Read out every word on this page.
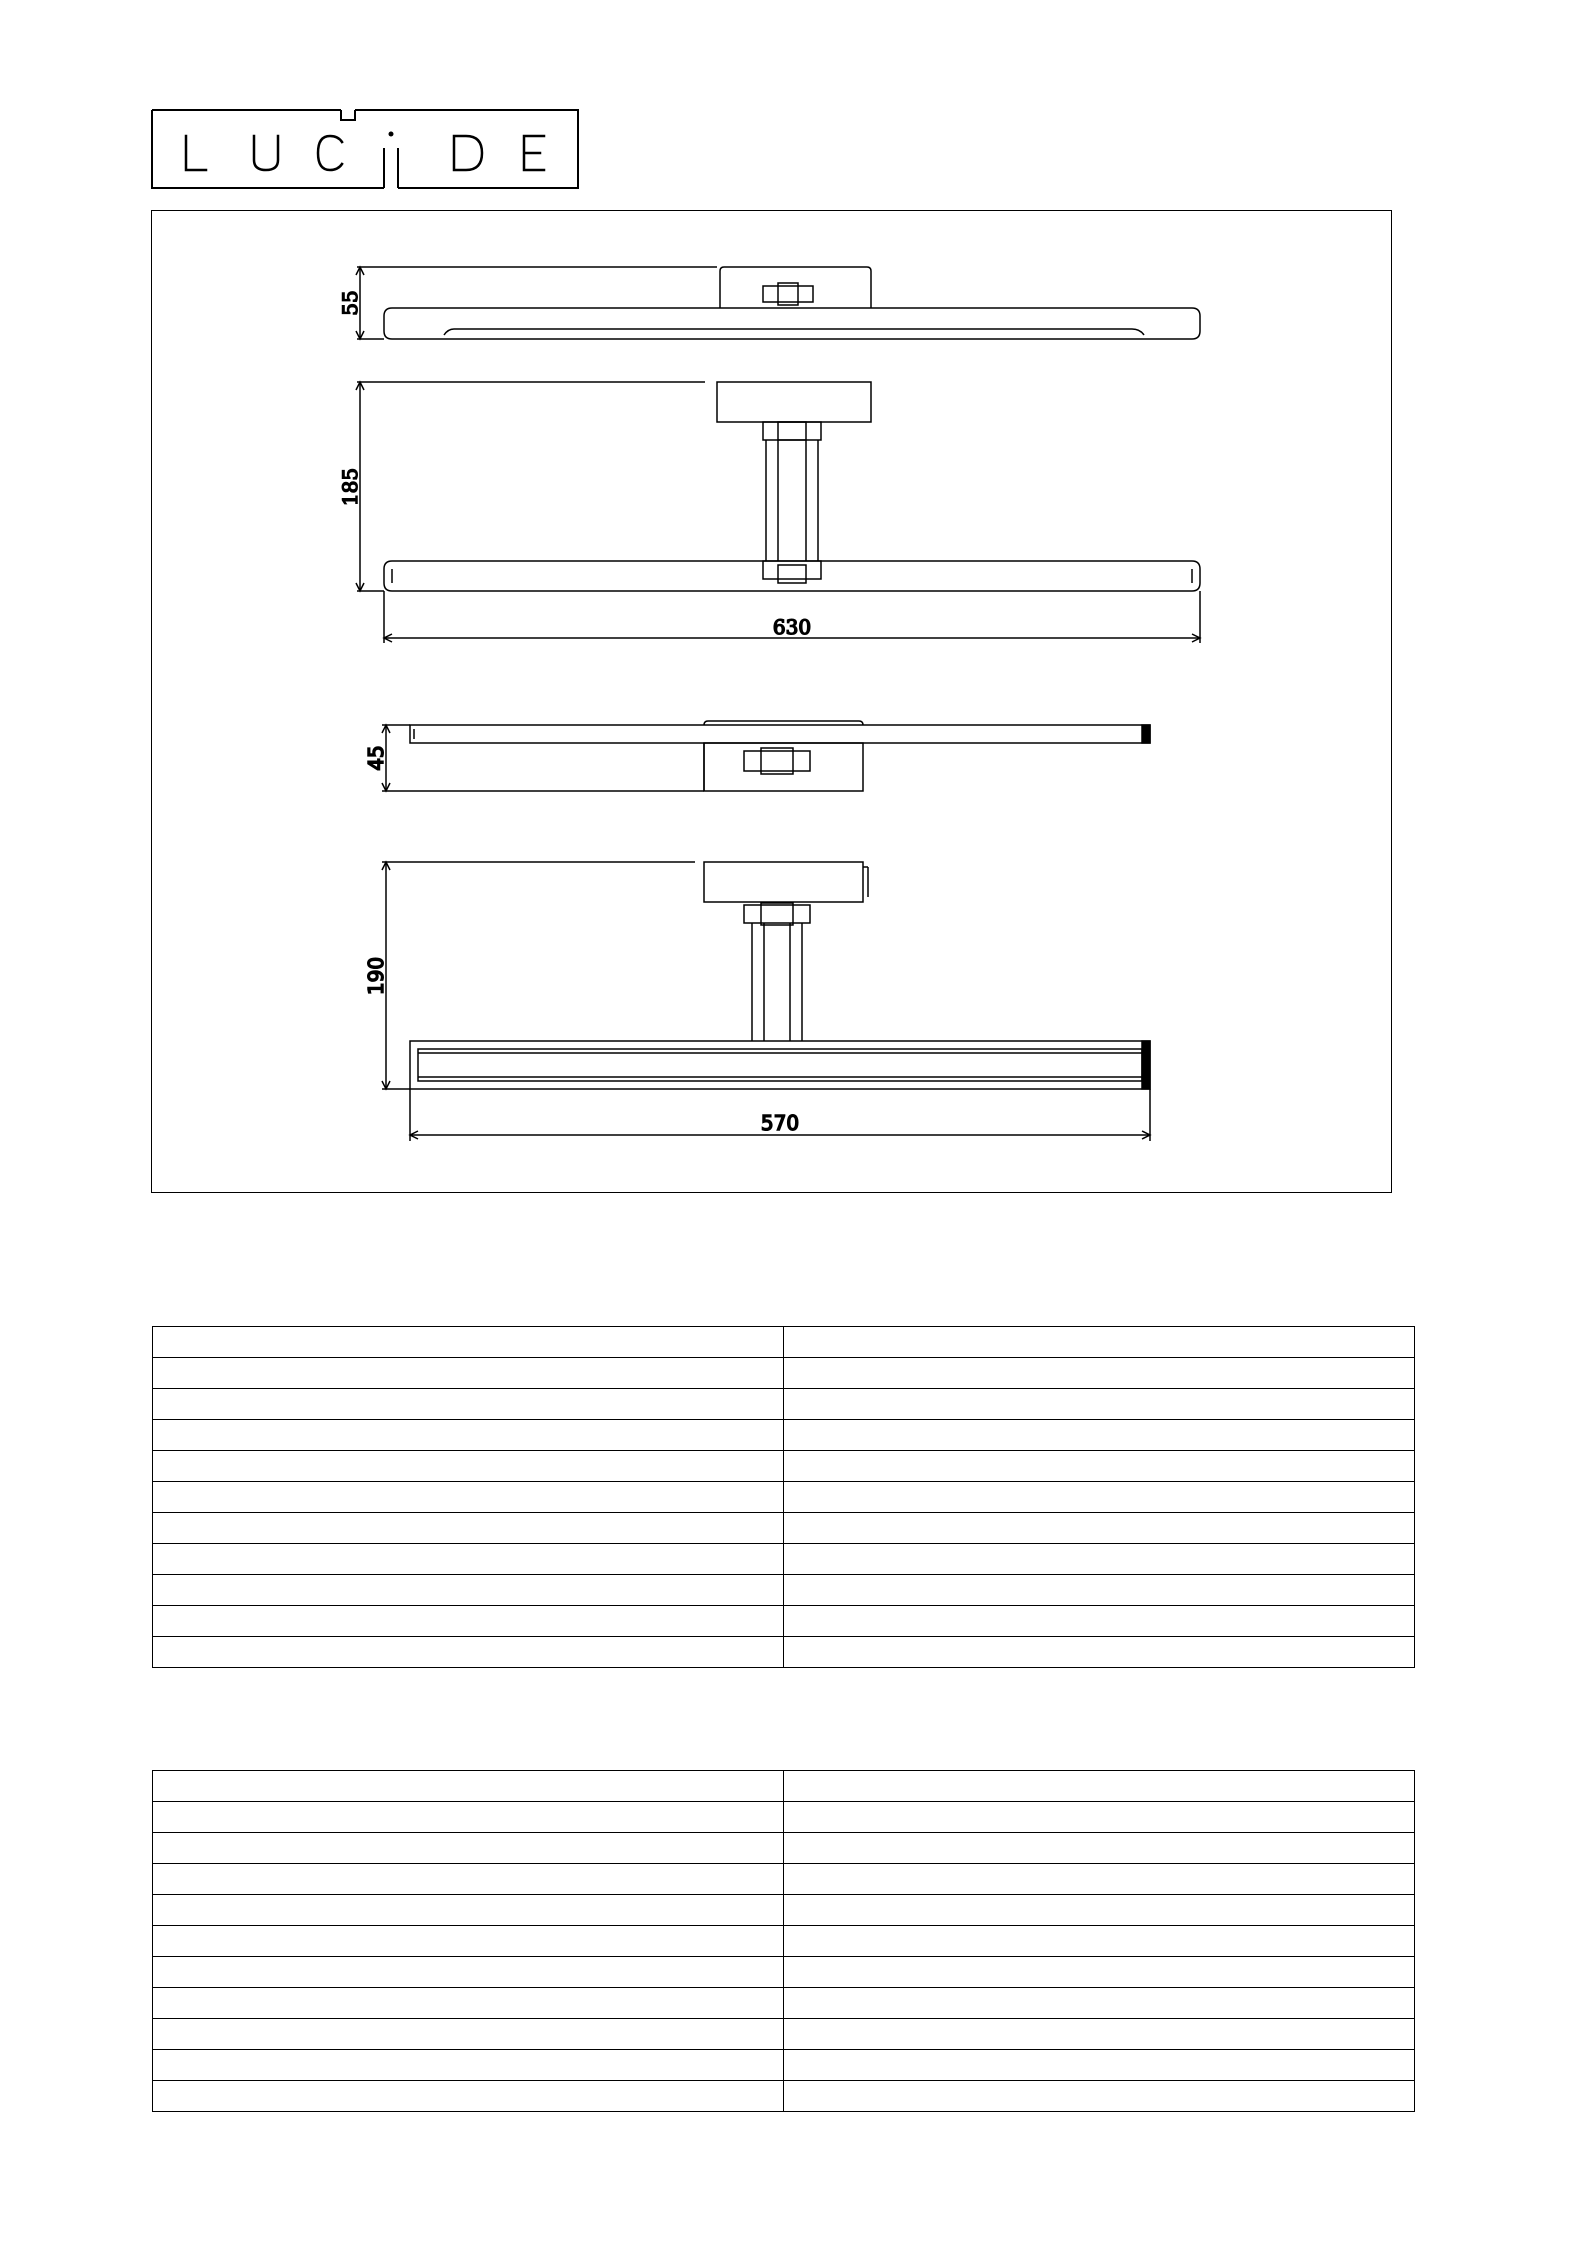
55
185
630
45
190
570
